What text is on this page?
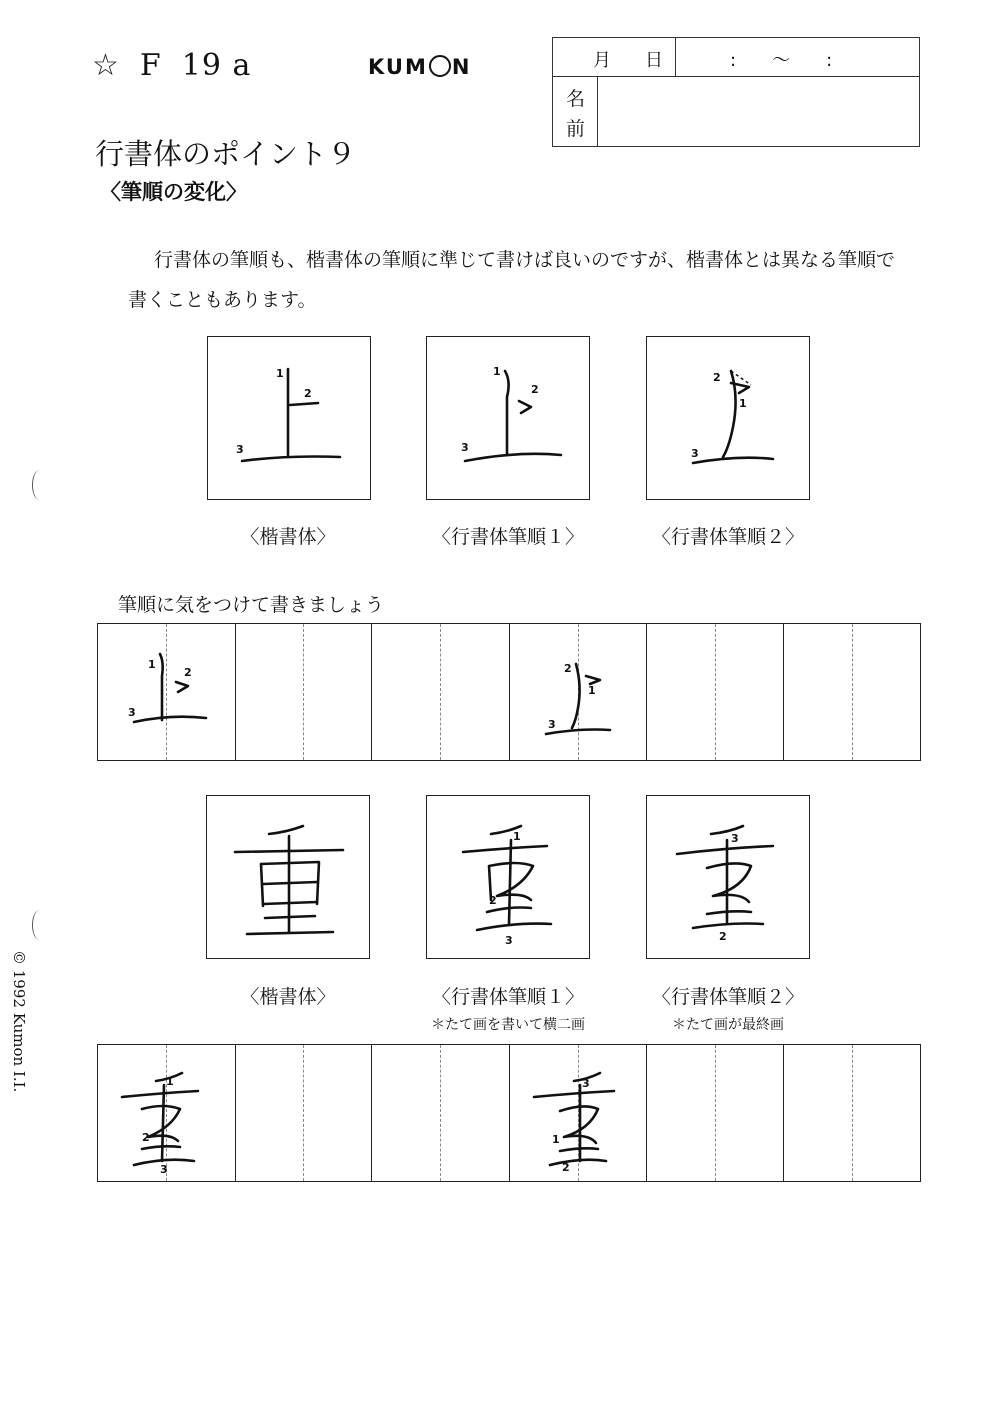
☆ F 19 a	KUM N	月 日	:　　～　　:
名前
行書体のポイント９
〈筆順の変化〉
行書体の筆順も、楷書体の筆順に準じて書けば良いのですが、楷書体とは異なる筆順で書くこともあります。
1
2
3
1
2
3
2
1
3
〈楷書体〉	〈行書体筆順１〉	〈行書体筆順２〉
筆順に気をつけて書きましょう
1
2
3
2
1
3
1
2
3
3
2
〈楷書体〉	〈行書体筆順１〉	〈行書体筆順２〉
＊たて画を書いて横二画	＊たて画が最終画
1
2
3
3
1
2
© 1992 Kumon I.I.
